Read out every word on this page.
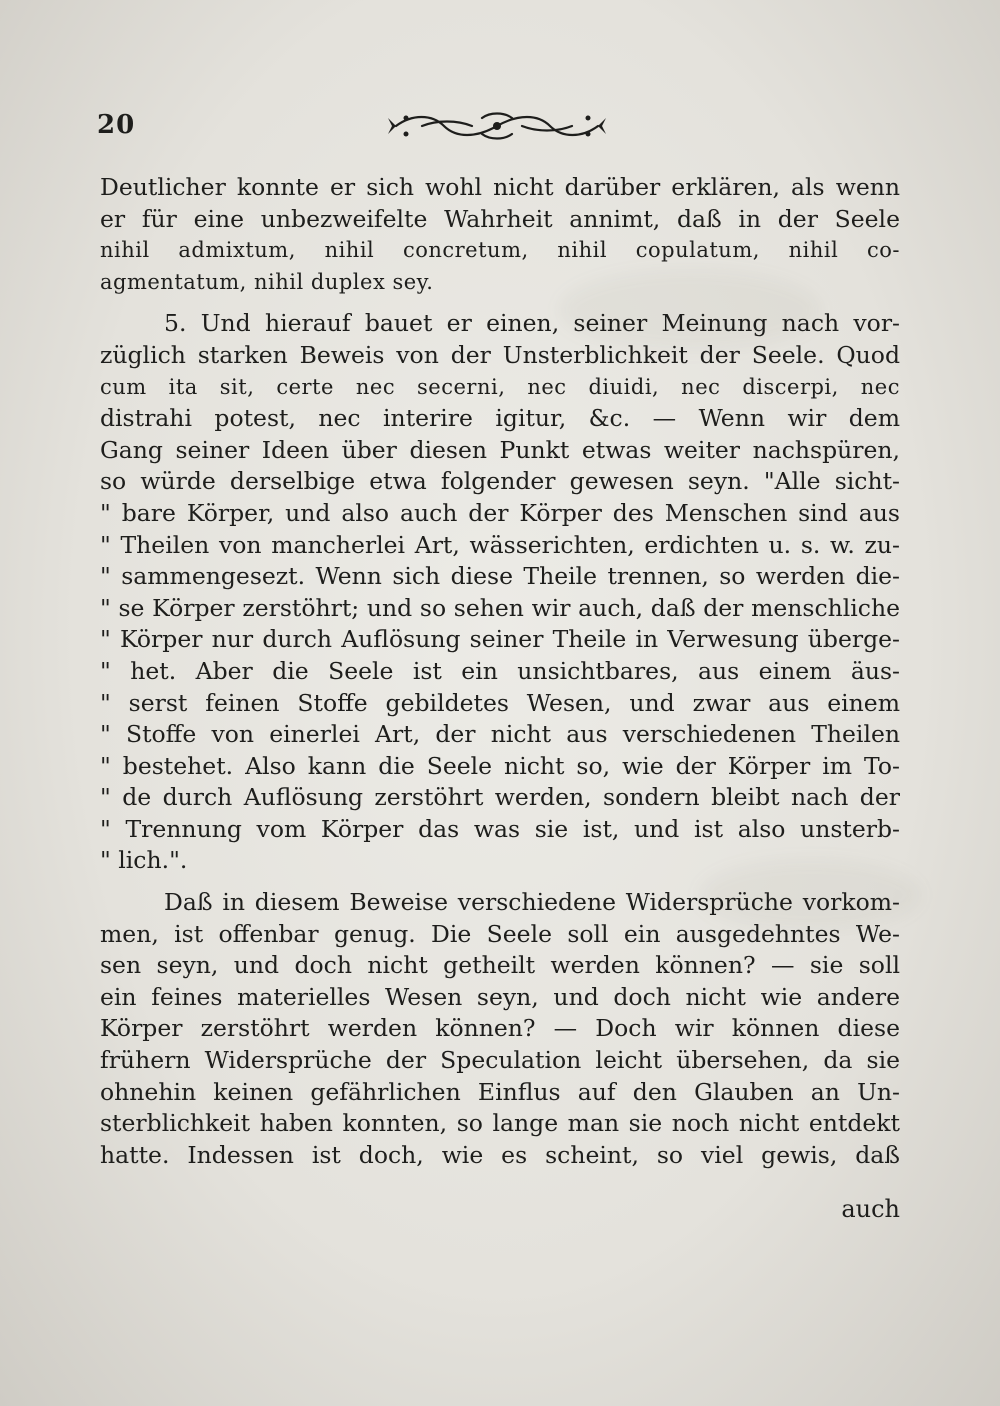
20
Deutlicher konnte er sich wohl nicht darüber erklären, als wenn
er für eine unbezweifelte Wahrheit annimt, daß in der Seele
nihil admixtum, nihil concretum, nihil copulatum, nihil co-
agmentatum, nihil duplex sey.
5. Und hierauf bauet er einen, seiner Meinung nach vor-
züglich starken Beweis von der Unsterblichkeit der Seele. Quod
cum ita sit, certe nec secerni, nec diuidi, nec discerpi, nec
distrahi potest, nec interire igitur, &c. — Wenn wir dem
Gang seiner Ideen über diesen Punkt etwas weiter nachspüren,
so würde derselbige etwa folgender gewesen seyn. "Alle sicht-
" bare Körper, und also auch der Körper des Menschen sind aus
" Theilen von mancherlei Art, wässerichten, erdichten u. s. w. zu-
" sammengesezt. Wenn sich diese Theile trennen, so werden die-
" se Körper zerstöhrt; und so sehen wir auch, daß der menschliche
" Körper nur durch Auflösung seiner Theile in Verwesung überge-
" het. Aber die Seele ist ein unsichtbares, aus einem äus-
" serst feinen Stoffe gebildetes Wesen, und zwar aus einem
" Stoffe von einerlei Art, der nicht aus verschiedenen Theilen
" bestehet. Also kann die Seele nicht so, wie der Körper im To-
" de durch Auflösung zerstöhrt werden, sondern bleibt nach der
" Trennung vom Körper das was sie ist, und ist also unsterb-
" lich.".
Daß in diesem Beweise verschiedene Widersprüche vorkom-
men, ist offenbar genug. Die Seele soll ein ausgedehntes We-
sen seyn, und doch nicht getheilt werden können? — sie soll
ein feines materielles Wesen seyn, und doch nicht wie andere
Körper zerstöhrt werden können? — Doch wir können diese
frühern Widersprüche der Speculation leicht übersehen, da sie
ohnehin keinen gefährlichen Einflus auf den Glauben an Un-
sterblichkeit haben konnten, so lange man sie noch nicht entdekt
hatte. Indessen ist doch, wie es scheint, so viel gewis, daß
auch
